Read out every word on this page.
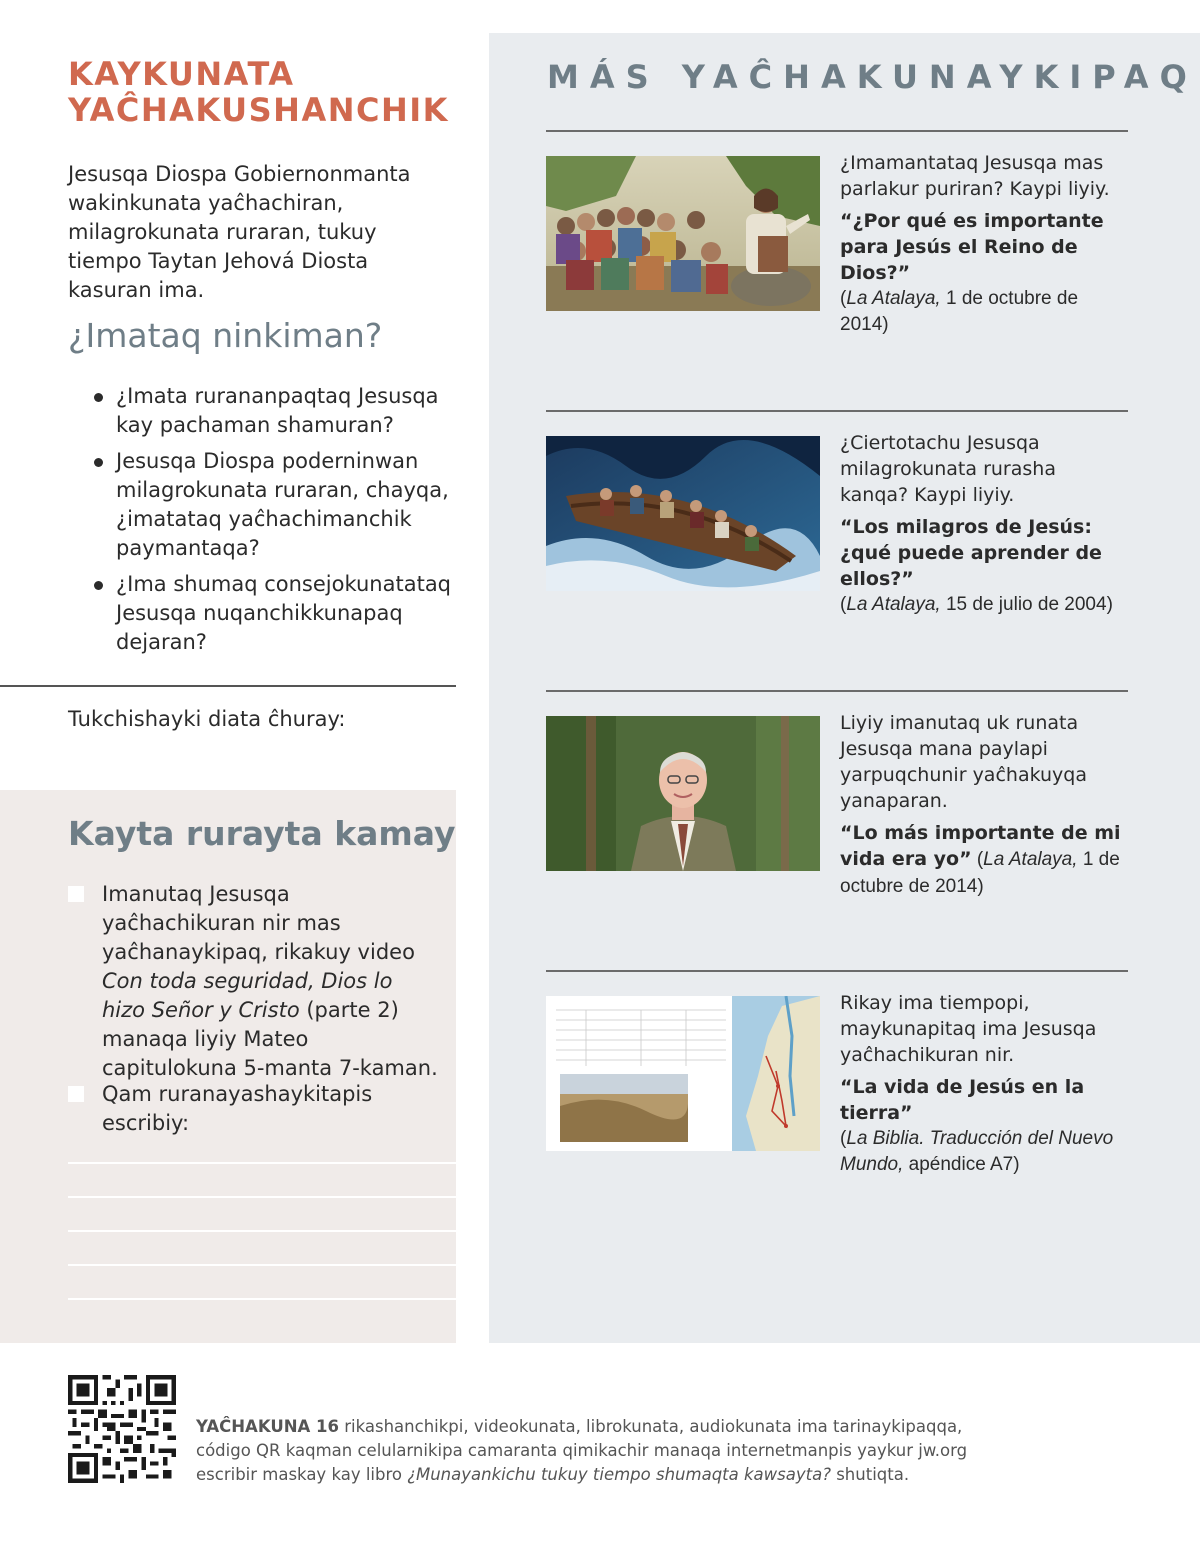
KAYKUNATA
YAĈHAKUSHANCHIK

Jesusqa Diospa Gobiernonmanta wakinkunata yaĉhachiran, milagrokunata ruraran, tukuy tiempo Taytan Jehová Diosta kasuran ima.

¿Imataq ninkiman?
¿Imata rurananpaqtaq Jesusqa kay pachaman shamuran?
Jesusqa Diospa poderninwan milagrokunata ruraran, chayqa, ¿imatataq yaĉhachimanchik paymantaqa?
¿Ima shumaq consejokunatataq Jesusqa nuqanchikkunapaq dejaran?

Tukchishayki diata ĉhuray:

Kayta rurayta kamay
Imanutaq Jesusqa yaĉhachikuran nir mas yaĉhanaykipaq, rikakuy video Con toda seguridad, Dios lo hizo Señor y Cristo (parte 2) manaqa liyiy Mateo capitulokuna 5-manta 7-kaman.
Qam ruranayashaykitapis escribiy:
MÁS YAĈHAKUNAYKIPAQ

¿Imamantataq Jesusqa mas parlakur puriran? Kaypi liyiy.

“¿Por qué es importante para Jesús el Reino de Dios?”

(La Atalaya, 1 de octubre de 2014)

¿Ciertotachu Jesusqa milagrokunata rurasha kanqa? Kaypi liyiy.

“Los milagros de Jesús: ¿qué puede aprender de ellos?”

(La Atalaya, 15 de julio de 2004)

Liyiy imanutaq uk runata Jesusqa mana paylapi yarpuqchunir yaĉhakuyqa yanaparan.

“Lo más importante de mi vida era yo” (La Atalaya, 1 de octubre de 2014)

Rikay ima tiempopi, maykunapitaq ima Jesusqa yaĉhachikuran nir.

“La vida de Jesús en la tierra”

(La Biblia. Traducción del Nuevo Mundo, apéndice A7)

YAĈHAKUNA 16 rikashanchikpi, videokunata, librokunata, audiokunata ima tarinaykipaqqa, código QR kaqman celularnikipa camaranta qimikachir manaqa internetmanpis yaykur jw.org escribir maskay kay libro ¿Munayankichu tukuy tiempo shumaqta kawsayta? shutiqta.
